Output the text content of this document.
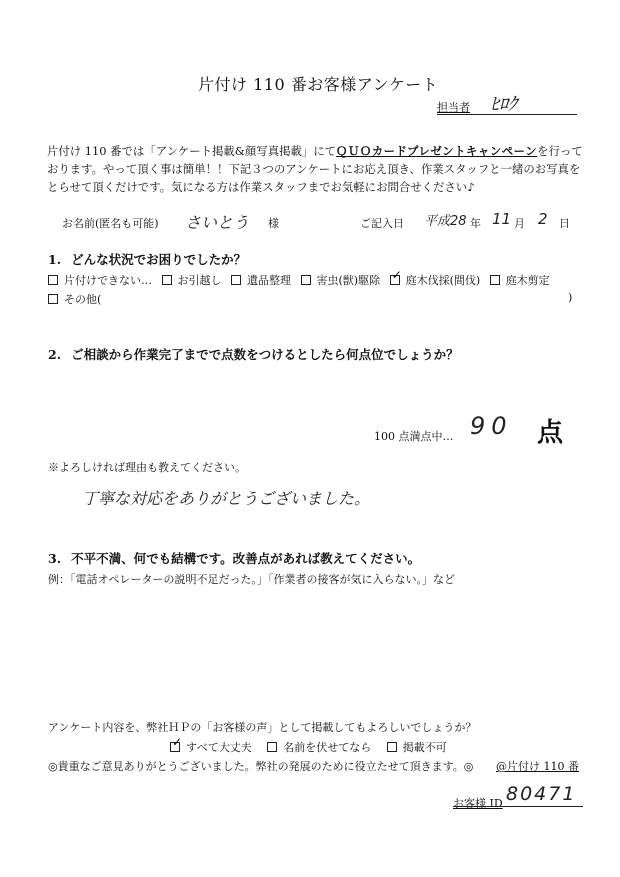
片付け 110 番お客様アンケート
担当者 ﾋﾛｸ
片付け 110 番では「アンケート掲載&顔写真掲載」にてＱＵＯカードプレゼントキャンペーンを行っております。やって頂く事は簡単！！下記３つのアンケートにお応え頂き、作業スタッフと一緒のお写真をとらせて頂くだけです。気になる方は作業スタッフまでお気軽にお問合せください♪
お名前(匿名も可能) さいとう 様	ご記入日 平成28 年 11 月 2 日
1. どんな状況でお困りでしたか？
片付けできない… お引越し 遺品整理 害虫(獣)駆除 ✓ 庭木伐採(間伐) 庭木剪定
その他(	)
2. ご相談から作業完了までで点数をつけるとしたら何点位でしょうか？
100 点満点中… 90 点
※よろしければ理由も教えてください。
丁寧な対応をありがとうございました。
3. 不平不満、何でも結構です。改善点があれば教えてください。
例：「電話オペレーターの説明不足だった。」「作業者の接客が気に入らない。」など
アンケート内容を、弊社ＨＰの「お客様の声」として掲載してもよろしいでしょうか？
✓すべて大丈夫	名前を伏せてなら	掲載不可
◎貴重なご意見ありがとうございました。弊社の発展のために役立たせて頂きます。◎ @片付け 110 番
お客様 ID 80471
